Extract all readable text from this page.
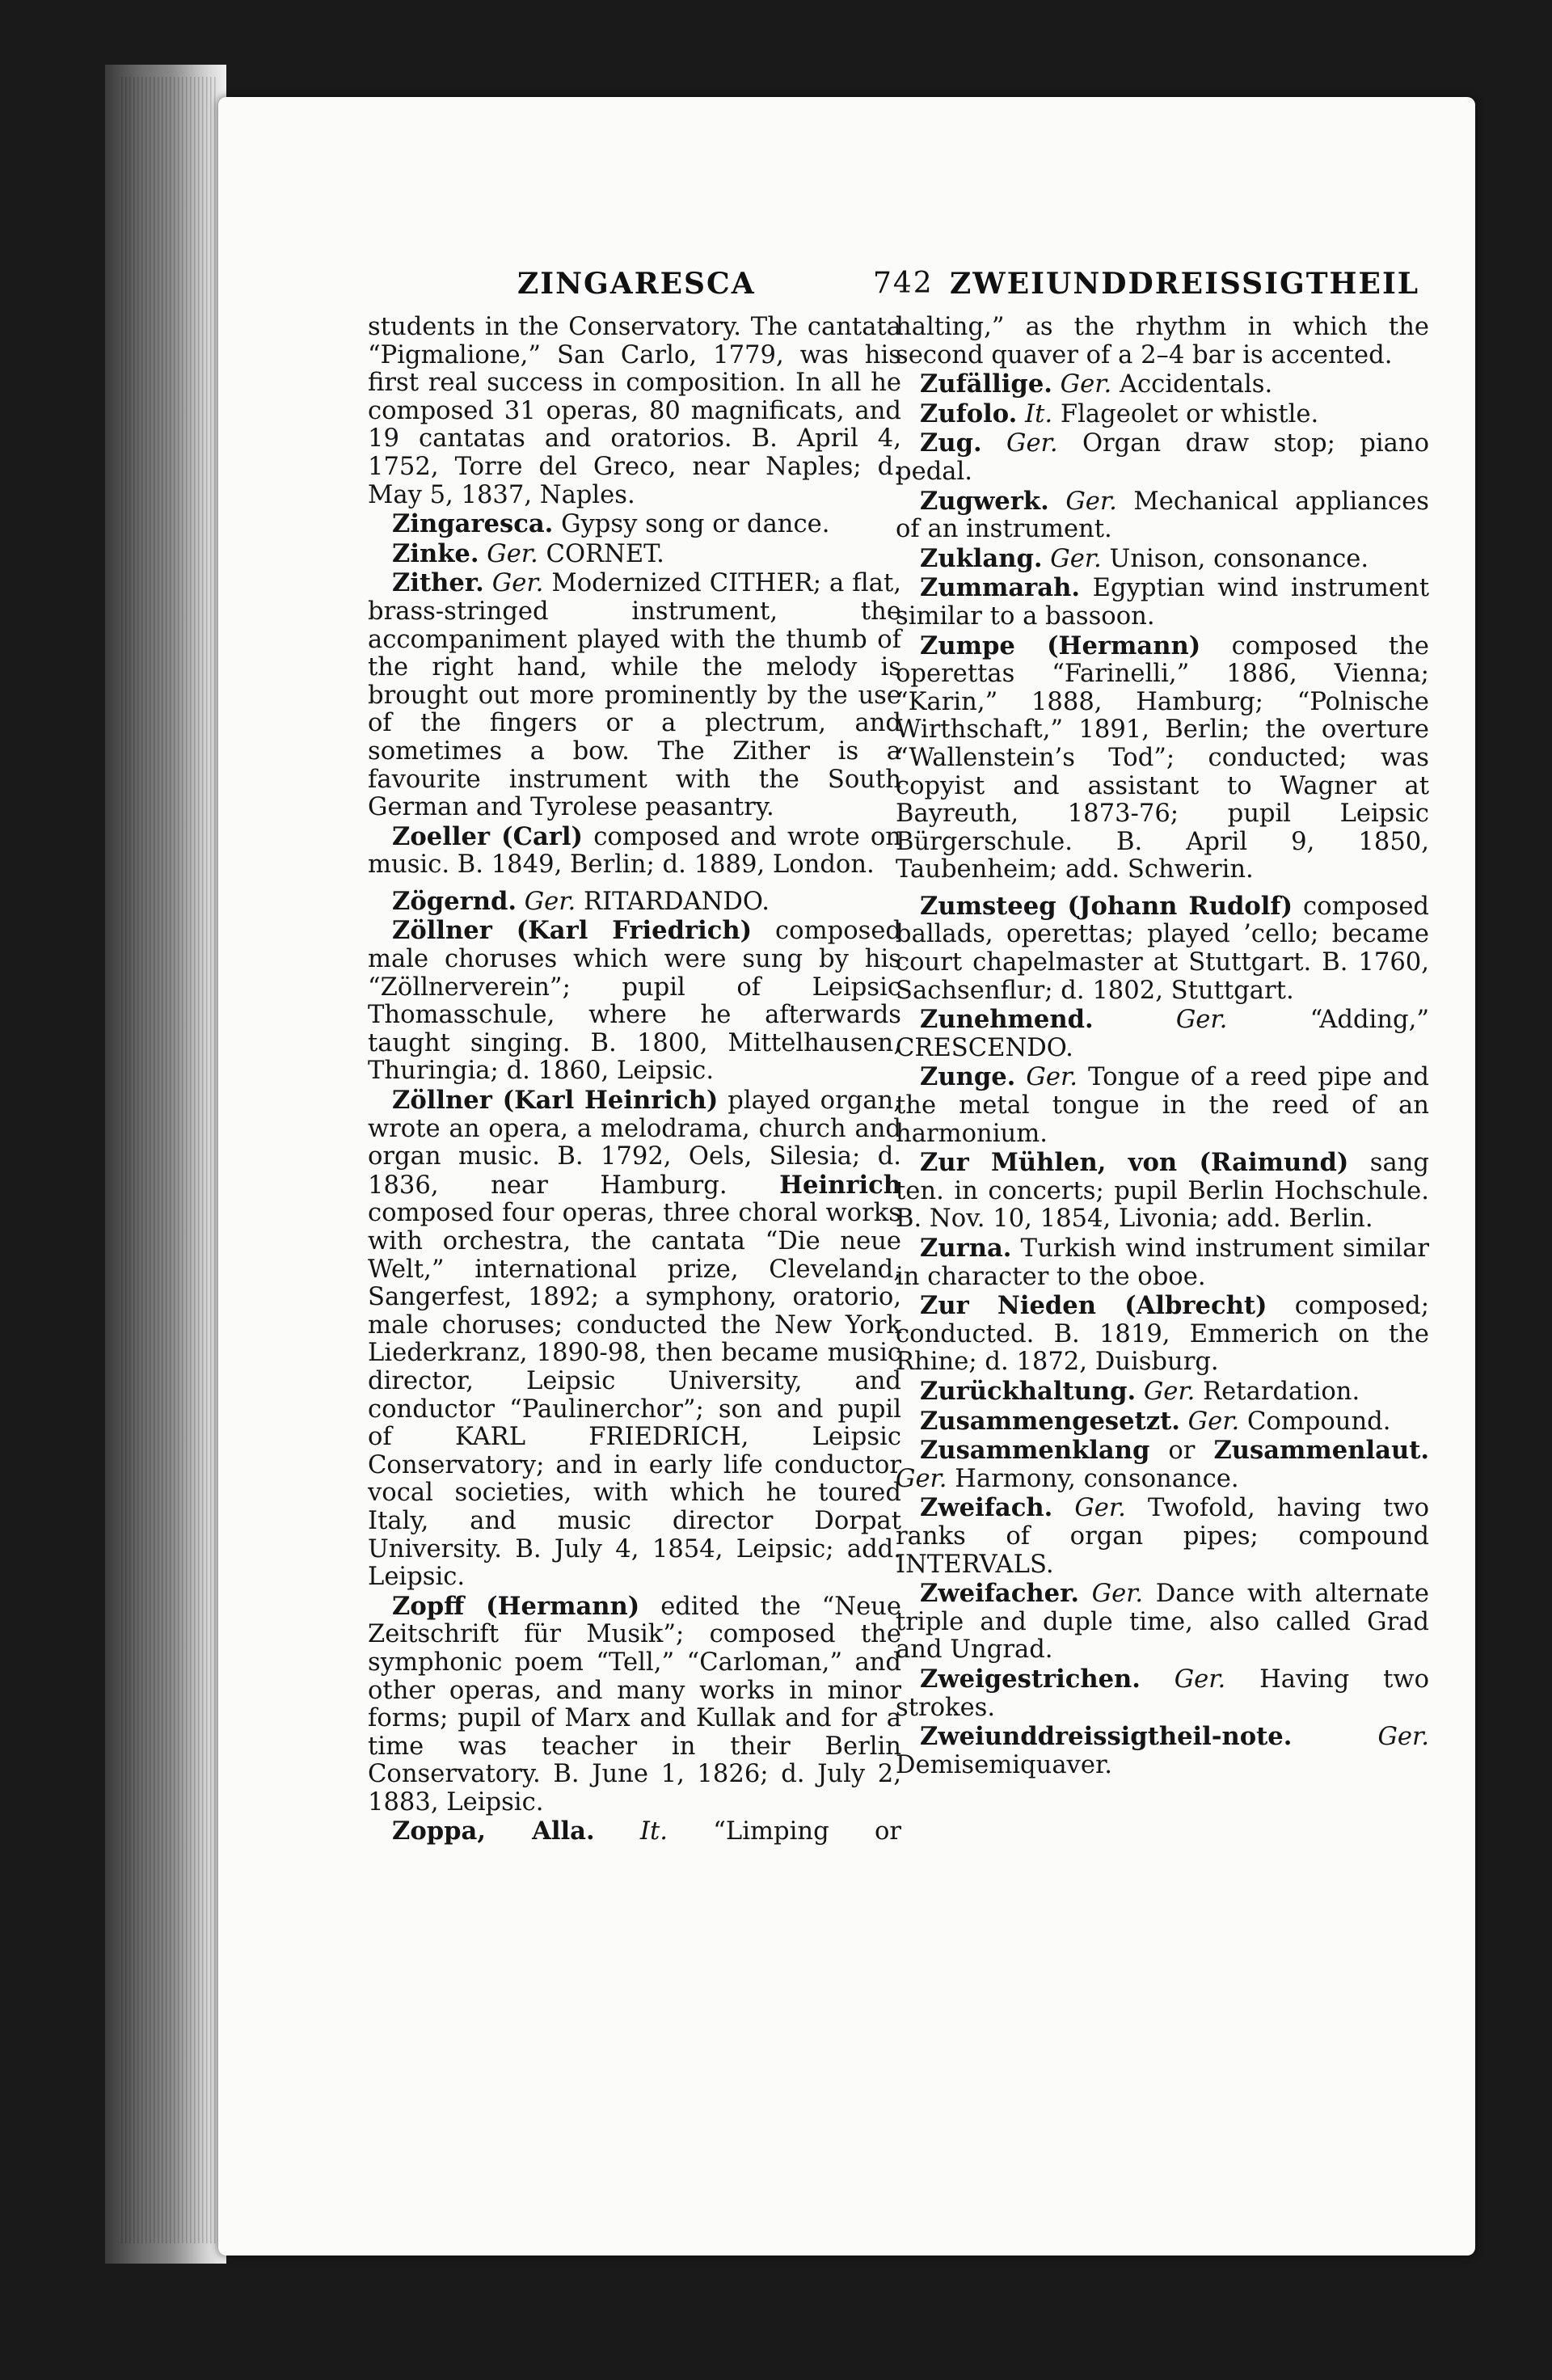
ZINGARESCA	742 ZWEIUNDDREISSIGTHEIL

students in the Conservatory. The cantata “Pigmalione,” San Carlo, 1779, was his first real success in composition. In all he composed 31 operas, 80 magnificats, and 19 cantatas and oratorios. B. April 4, 1752, Torre del Greco, near Naples; d. May 5, 1837, Naples.

Zingaresca. Gypsy song or dance.

Zinke. Ger. CORNET.

Zither. Ger. Modernized CITHER; a flat, brass-stringed instrument, the accompaniment played with the thumb of the right hand, while the melody is brought out more prominently by the use of the fingers or a plectrum, and sometimes a bow. The Zither is a favourite instrument with the South German and Tyrolese peasantry.

Zoeller (Carl) composed and wrote on music. B. 1849, Berlin; d. 1889, London.

Zögernd. Ger. RITARDANDO.

Zöllner (Karl Friedrich) composed male choruses which were sung by his “Zöllnerverein”; pupil of Leipsic Thomasschule, where he afterwards taught singing. B. 1800, Mittelhausen, Thuringia; d. 1860, Leipsic.

Zöllner (Karl Heinrich) played organ, wrote an opera, a melodrama, church and organ music. B. 1792, Oels, Silesia; d. 1836, near Hamburg. Heinrich composed four operas, three choral works with orchestra, the cantata “Die neue Welt,” international prize, Cleveland, Sangerfest, 1892; a symphony, oratorio, male choruses; conducted the New York Liederkranz, 1890-98, then became music director, Leipsic University, and conductor “Paulinerchor”; son and pupil of KARL FRIEDRICH, Leipsic Conservatory; and in early life conductor vocal societies, with which he toured Italy, and music director Dorpat University. B. July 4, 1854, Leipsic; add. Leipsic.

Zopff (Hermann) edited the “Neue Zeitschrift für Musik”; composed the symphonic poem “Tell,” “Carloman,” and other operas, and many works in minor forms; pupil of Marx and Kullak and for a time was teacher in their Berlin Conservatory. B. June 1, 1826; d. July 2, 1883, Leipsic.

Zoppa, Alla. It. “Limping or

halting,” as the rhythm in which the second quaver of a 2–4 bar is accented.

Zufällige. Ger. Accidentals.

Zufolo. It. Flageolet or whistle.

Zug. Ger. Organ draw stop; piano pedal.

Zugwerk. Ger. Mechanical appliances of an instrument.

Zuklang. Ger. Unison, consonance.

Zummarah. Egyptian wind instrument similar to a bassoon.

Zumpe (Hermann) composed the operettas “Farinelli,” 1886, Vienna; “Karin,” 1888, Hamburg; “Polnische Wirthschaft,” 1891, Berlin; the overture “Wallenstein’s Tod”; conducted; was copyist and assistant to Wagner at Bayreuth, 1873-76; pupil Leipsic Bürgerschule. B. April 9, 1850, Taubenheim; add. Schwerin.

Zumsteeg (Johann Rudolf) composed ballads, operettas; played ’cello; became court chapelmaster at Stuttgart. B. 1760, Sachsenflur; d. 1802, Stuttgart.

Zunehmend.	Ger.	“Adding,” CRESCENDO.

Zunge. Ger. Tongue of a reed pipe and the metal tongue in the reed of an harmonium.

Zur Mühlen, von (Raimund) sang ten. in concerts; pupil Berlin Hochschule. B. Nov. 10, 1854, Livonia; add. Berlin.

Zurna. Turkish wind instrument similar in character to the oboe.

Zur Nieden (Albrecht) composed; conducted. B. 1819, Emmerich on the Rhine; d. 1872, Duisburg.

Zurückhaltung. Ger. Retardation.

Zusammengesetzt. Ger. Compound.

Zusammenklang or Zusammenlaut. Ger. Harmony, consonance.

Zweifach. Ger. Twofold, having two ranks of organ pipes; compound INTERVALS.

Zweifacher. Ger. Dance with alternate triple and duple time, also called Grad and Ungrad.

Zweigestrichen. Ger. Having two strokes.

Zweiunddreissigtheil-note.	Ger. Demisemiquaver.
